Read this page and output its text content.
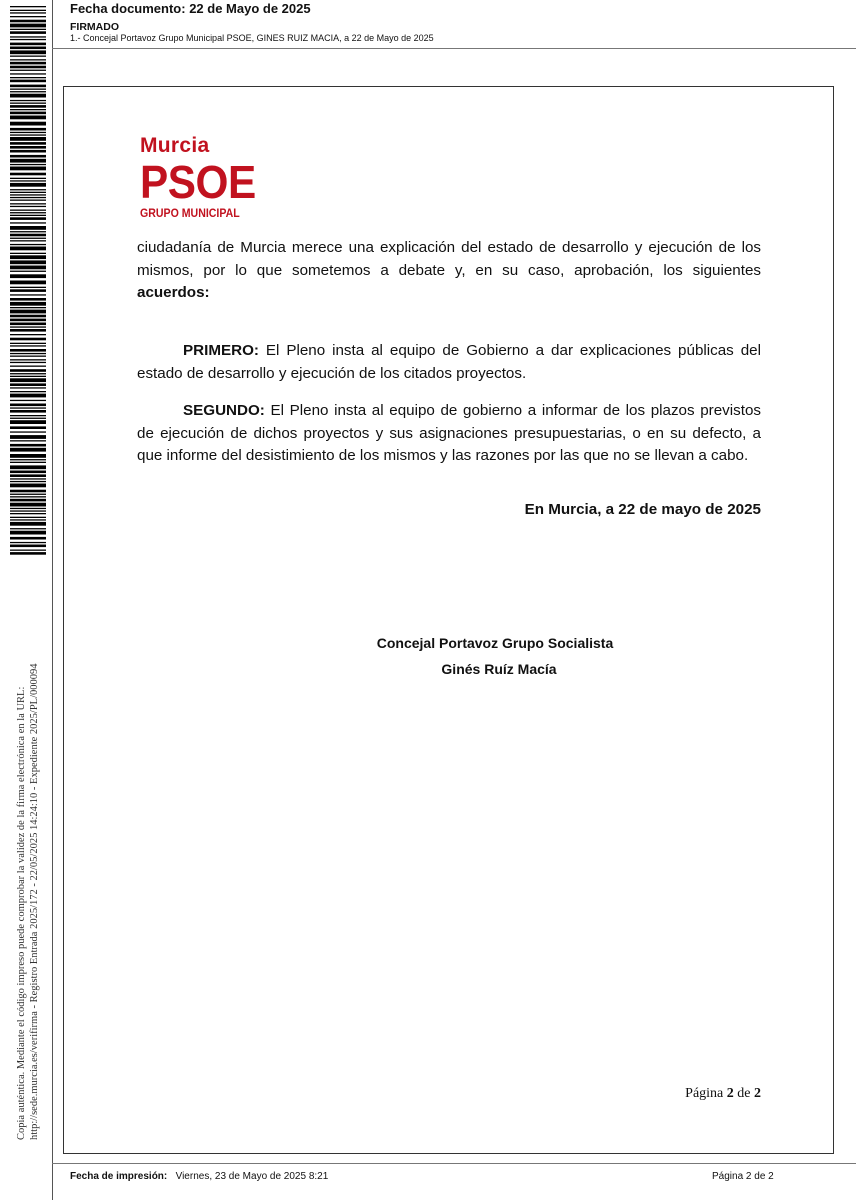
Fecha documento: 22 de Mayo de 2025
FIRMADO
1.- Concejal Portavoz Grupo Municipal PSOE, GINES RUIZ MACIA, a 22 de Mayo de 2025
Copia auténtica. Mediante el código impreso puede comprobar la validez de la firma electrónica en la URL: http://sede.murcia.es/verifirma - Registro Entrada 2025/172 - 22/05/2025 14:24:10 - Expediente 2025/PL/000094
Murcia
PSOE
GRUPO MUNICIPAL
ciudadanía de Murcia merece una explicación del estado de desarrollo y ejecución de los mismos, por lo que sometemos a debate y, en su caso, aprobación, los siguientes acuerdos:
PRIMERO: El Pleno insta al equipo de Gobierno a dar explicaciones públicas del estado de desarrollo y ejecución de los citados proyectos.
SEGUNDO: El Pleno insta al equipo de gobierno a informar de los plazos previstos de ejecución de dichos proyectos y sus asignaciones presupuestarias, o en su defecto, a que informe del desistimiento de los mismos y las razones por las que no se llevan a cabo.
En Murcia, a 22 de mayo de 2025
Concejal Portavoz Grupo Socialista
Ginés Ruíz Macía
Página 2 de 2
Fecha de impresión: Viernes, 23 de Mayo de 2025 8:21	Página 2 de 2
